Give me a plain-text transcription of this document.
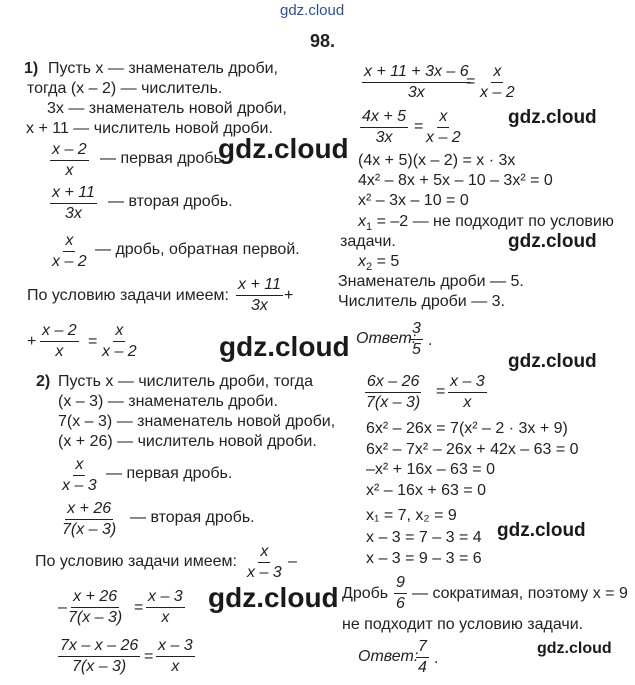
gdz.cloud
gdz.cloud
gdz.cloud
gdz.cloud
gdz.cloud
gdz.cloud
gdz.cloud
gdz.cloud
gdz.cloud
98.
1) Пусть x — знаменатель дроби,
тогда (x – 2) — числитель.
3x — знаменатель новой дроби,
x + 11 — числитель новой дроби.
$\frac{x - 2}{x}$ — первая дробь.
$\frac{x + 11}{3x}$ — вторая дробь.
$\frac{x}{x - 2}$ — дробь, обратная первой.
По условию задачи имеем: $\frac{x + 11}{3x}$ +
+ $\frac{x - 2}{x} = \frac{x}{x - 2}$
2) Пусть x — числитель дроби, тогда
(x – 3) — знаменатель дроби.
7(x – 3) — знаменатель новой дроби,
(x + 26) — числитель новой дроби.
$\frac{x}{x - 3}$ — первая дробь.
$\frac{x + 26}{7(x - 3)}$ — вторая дробь.
По условию задачи имеем: $\frac{x}{x - 3}$ –
– $\frac{x + 26}{7(x - 3)} = \frac{x - 3}{x}$
$\frac{7x - x - 26}{7(x - 3)} = \frac{x - 3}{x}$
$\frac{x + 11 + 3x - 6}{3x}$
= $\frac{x}{x - 2}$
$\frac{4x + 5}{3x} = \frac{x}{x - 2}$
(4x + 5)(x – 2) = x · 3x
4x² – 8x + 5x – 10 – 3x² = 0
x² – 3x – 10 = 0
$x_1 = -2$ — не подходит по условию
задачи.
$x_2 = 5$
Знаменатель дроби — 5.
Числитель дроби — 3.
Ответ:
$\frac{3}{5}$ .
$\frac{6x - 26}{7(x - 3)} = \frac{x - 3}{x}$
6x² – 26x = 7(x² – 2 · 3x + 9)
6x² – 7x² – 26x + 42x – 63 = 0
–x² + 16x – 63 = 0
x² – 16x + 63 = 0
x₁ = 7, x₂ = 9
x – 3 = 7 – 3 = 4
x – 3 = 9 – 3 = 6
Дробь $\frac{9}{6}$ — сократимая, поэтому x = 9
не подходит по условию задачи.
Ответ:
$\frac{7}{4}$ .
